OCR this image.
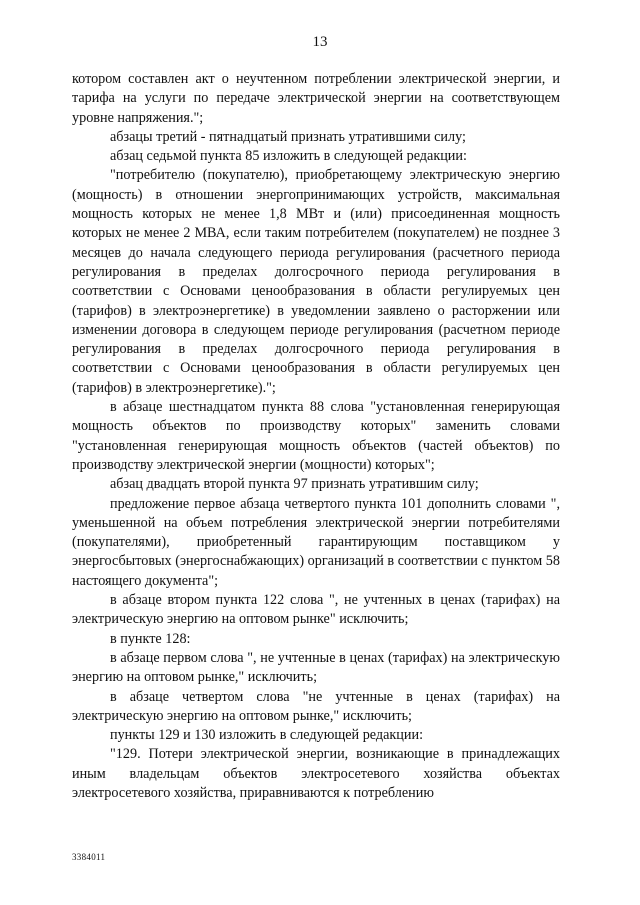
13

котором составлен акт о неучтенном потреблении электрической энергии, и тарифа на услуги по передаче электрической энергии на соответствующем уровне напряжения.";

абзацы третий - пятнадцатый признать утратившими силу;

абзац седьмой пункта 85 изложить в следующей редакции:

"потребителю (покупателю), приобретающему электрическую энергию (мощность) в отношении энергопринимающих устройств, максимальная мощность которых не менее 1,8 МВт и (или) присоединенная мощность которых не менее 2 МВА, если таким потребителем (покупателем) не позднее 3 месяцев до начала следующего периода регулирования (расчетного периода регулирования в пределах долгосрочного периода регулирования в соответствии с Основами ценообразования в области регулируемых цен (тарифов) в электроэнергетике) в уведомлении заявлено о расторжении или изменении договора в следующем периоде регулирования (расчетном периоде регулирования в пределах долгосрочного периода регулирования в соответствии с Основами ценообразования в области регулируемых цен (тарифов) в электроэнергетике).";

в абзаце шестнадцатом пункта 88 слова "установленная генерирующая мощность объектов по производству которых" заменить словами "установленная генерирующая мощность объектов (частей объектов) по производству электрической энергии (мощности) которых";

абзац двадцать второй пункта 97 признать утратившим силу;

предложение первое абзаца четвертого пункта 101 дополнить словами ", уменьшенной на объем потребления электрической энергии потребителями (покупателями), приобретенный гарантирующим поставщиком у энергосбытовых (энергоснабжающих) организаций в соответствии с пунктом 58 настоящего документа";

в абзаце втором пункта 122 слова ", не учтенных в ценах (тарифах) на электрическую энергию на оптовом рынке" исключить;

в пункте 128:

в абзаце первом слова ", не учтенные в ценах (тарифах) на электрическую энергию на оптовом рынке," исключить;

в абзаце четвертом слова "не учтенные в ценах (тарифах) на электрическую энергию на оптовом рынке," исключить;

пункты 129 и 130 изложить в следующей редакции:

"129. Потери электрической энергии, возникающие в принадлежащих иным владельцам объектов электросетевого хозяйства объектах электросетевого хозяйства, приравниваются к потреблению

3384011
